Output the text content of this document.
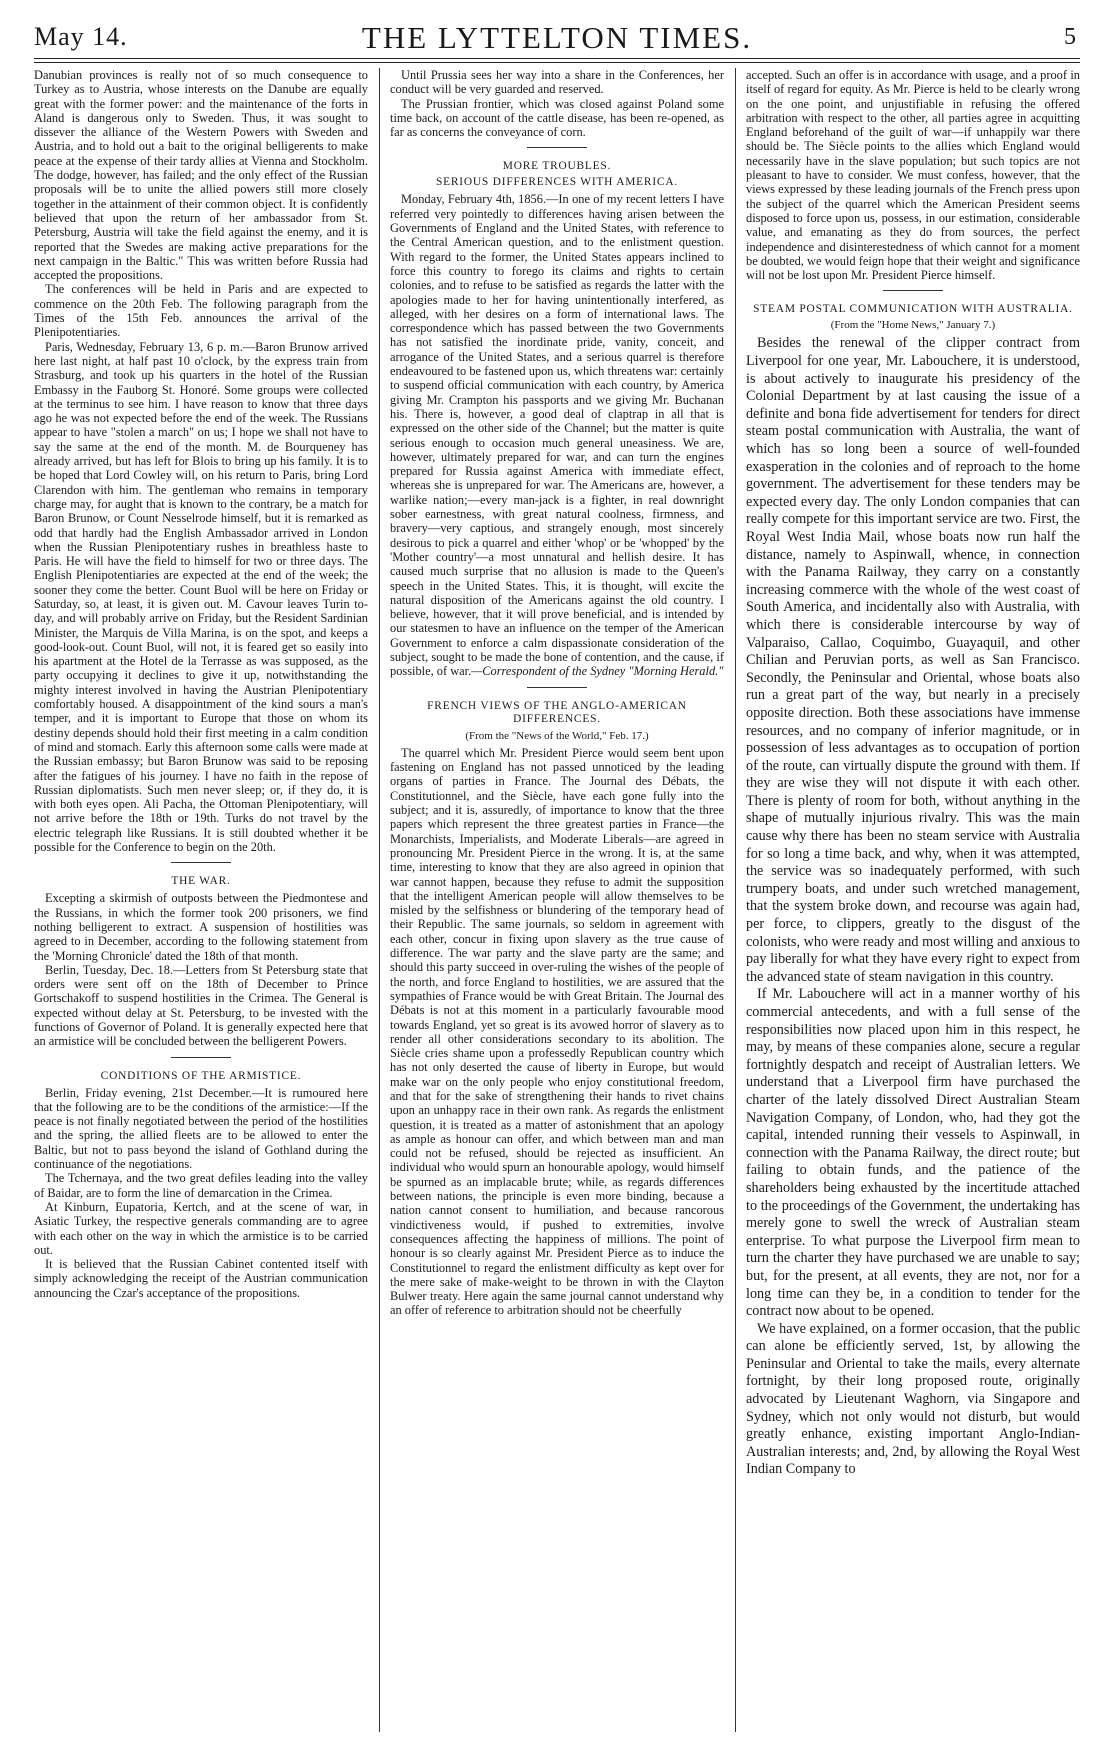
May 14.	THE LYTTELTON TIMES.	5

Danubian provinces is really not of so much consequence to Turkey as to Austria, whose interests on the Danube are equally great with the former power: and the maintenance of the forts in Aland is dangerous only to Sweden. Thus, it was sought to dissever the alliance of the Western Powers with Sweden and Austria, and to hold out a bait to the original belligerents to make peace at the expense of their tardy allies at Vienna and Stockholm. The dodge, however, has failed; and the only effect of the Russian proposals will be to unite the allied powers still more closely together in the attainment of their common object. It is confidently believed that upon the return of her ambassador from St. Petersburg, Austria will take the field against the enemy, and it is reported that the Swedes are making active preparations for the next campaign in the Baltic." This was written before Russia had accepted the propositions.

The conferences will be held in Paris and are expected to commence on the 20th Feb. The following paragraph from the Times of the 15th Feb. announces the arrival of the Plenipotentiaries.

Paris, Wednesday, February 13, 6 p. m.—Baron Brunow arrived here last night, at half past 10 o'clock, by the express train from Strasburg, and took up his quarters in the hotel of the Russian Embassy in the Fauborg St. Honoré. Some groups were collected at the terminus to see him. I have reason to know that three days ago he was not expected before the end of the week. The Russians appear to have "stolen a march" on us; I hope we shall not have to say the same at the end of the month. M. de Bourqueney has already arrived, but has left for Blois to bring up his family. It is to be hoped that Lord Cowley will, on his return to Paris, bring Lord Clarendon with him. The gentleman who remains in temporary charge may, for aught that is known to the contrary, be a match for Baron Brunow, or Count Nesselrode himself, but it is remarked as odd that hardly had the English Ambassador arrived in London when the Russian Plenipotentiary rushes in breathless haste to Paris. He will have the field to himself for two or three days. The English Plenipotentiaries are expected at the end of the week; the sooner they come the better. Count Buol will be here on Friday or Saturday, so, at least, it is given out. M. Cavour leaves Turin to-day, and will probably arrive on Friday, but the Resident Sardinian Minister, the Marquis de Villa Marina, is on the spot, and keeps a good-look-out. Count Buol, will not, it is feared get so easily into his apartment at the Hotel de la Terrasse as was supposed, as the party occupying it declines to give it up, notwithstanding the mighty interest involved in having the Austrian Plenipotentiary comfortably housed. A disappointment of the kind sours a man's temper, and it is important to Europe that those on whom its destiny depends should hold their first meeting in a calm condition of mind and stomach. Early this afternoon some calls were made at the Russian embassy; but Baron Brunow was said to be reposing after the fatigues of his journey. I have no faith in the repose of Russian diplomatists. Such men never sleep; or, if they do, it is with both eyes open. Ali Pacha, the Ottoman Plenipotentiary, will not arrive before the 18th or 19th. Turks do not travel by the electric telegraph like Russians. It is still doubted whether it be possible for the Conference to begin on the 20th.

THE WAR.

Excepting a skirmish of outposts between the Piedmontese and the Russians, in which the former took 200 prisoners, we find nothing belligerent to extract. A suspension of hostilities was agreed to in December, according to the following statement from the 'Morning Chronicle' dated the 18th of that month.

Berlin, Tuesday, Dec. 18.—Letters from St Petersburg state that orders were sent off on the 18th of December to Prince Gortschakoff to suspend hostilities in the Crimea. The General is expected without delay at St. Petersburg, to be invested with the functions of Governor of Poland. It is generally expected here that an armistice will be concluded between the belligerent Powers.

CONDITIONS OF THE ARMISTICE.

Berlin, Friday evening, 21st December.—It is rumoured here that the following are to be the conditions of the armistice:—If the peace is not finally negotiated between the period of the hostilities and the spring, the allied fleets are to be allowed to enter the Baltic, but not to pass beyond the island of Gothland during the continuance of the negotiations.

The Tchernaya, and the two great defiles leading into the valley of Baidar, are to form the line of demarcation in the Crimea.

At Kinburn, Eupatoria, Kertch, and at the scene of war, in Asiatic Turkey, the respective generals commanding are to agree with each other on the way in which the armistice is to be carried out.

It is believed that the Russian Cabinet contented itself with simply acknowledging the receipt of the Austrian communication announcing the Czar's acceptance of the propositions.

Until Prussia sees her way into a share in the Conferences, her conduct will be very guarded and reserved.

The Prussian frontier, which was closed against Poland some time back, on account of the cattle disease, has been re-opened, as far as concerns the conveyance of corn.

MORE TROUBLES.
SERIOUS DIFFERENCES WITH AMERICA.

Monday, February 4th, 1856.—In one of my recent letters I have referred very pointedly to differences having arisen between the Governments of England and the United States, with reference to the Central American question, and to the enlistment question. With regard to the former, the United States appears inclined to force this country to forego its claims and rights to certain colonies, and to refuse to be satisfied as regards the latter with the apologies made to her for having unintentionally interfered, as alleged, with her desires on a form of international laws. The correspondence which has passed between the two Governments has not satisfied the inordinate pride, vanity, conceit, and arrogance of the United States, and a serious quarrel is therefore endeavoured to be fastened upon us, which threatens war: certainly to suspend official communication with each country, by America giving Mr. Crampton his passports and we giving Mr. Buchanan his. There is, however, a good deal of claptrap in all that is expressed on the other side of the Channel; but the matter is quite serious enough to occasion much general uneasiness. We are, however, ultimately prepared for war, and can turn the engines prepared for Russia against America with immediate effect, whereas she is unprepared for war. The Americans are, however, a warlike nation;—every man-jack is a fighter, in real downright sober earnestness, with great natural coolness, firmness, and bravery—very captious, and strangely enough, most sincerely desirous to pick a quarrel and either 'whop' or be 'whopped' by the 'Mother country'—a most unnatural and hellish desire. It has caused much surprise that no allusion is made to the Queen's speech in the United States. This, it is thought, will excite the natural disposition of the Americans against the old country. I believe, however, that it will prove beneficial, and is intended by our statesmen to have an influence on the temper of the American Government to enforce a calm dispassionate consideration of the subject, sought to be made the bone of contention, and the cause, if possible, of war.—Correspondent of the Sydney "Morning Herald."

FRENCH VIEWS OF THE ANGLO-AMERICAN DIFFERENCES.

(From the "News of the World," Feb. 17.)

The quarrel which Mr. President Pierce would seem bent upon fastening on England has not passed unnoticed by the leading organs of parties in France. The Journal des Débats, the Constitutionnel, and the Siècle, have each gone fully into the subject; and it is, assuredly, of importance to know that the three papers which represent the three greatest parties in France—the Monarchists, Imperialists, and Moderate Liberals—are agreed in pronouncing Mr. President Pierce in the wrong. It is, at the same time, interesting to know that they are also agreed in opinion that war cannot happen, because they refuse to admit the supposition that the intelligent American people will allow themselves to be misled by the selfishness or blundering of the temporary head of their Republic. The same journals, so seldom in agreement with each other, concur in fixing upon slavery as the true cause of difference. The war party and the slave party are the same; and should this party succeed in over-ruling the wishes of the people of the north, and force England to hostilities, we are assured that the sympathies of France would be with Great Britain. The Journal des Débats is not at this moment in a particularly favourable mood towards England, yet so great is its avowed horror of slavery as to render all other considerations secondary to its abolition. The Siècle cries shame upon a professedly Republican country which has not only deserted the cause of liberty in Europe, but would make war on the only people who enjoy constitutional freedom, and that for the sake of strengthening their hands to rivet chains upon an unhappy race in their own rank. As regards the enlistment question, it is treated as a matter of astonishment that an apology as ample as honour can offer, and which between man and man could not be refused, should be rejected as insufficient. An individual who would spurn an honourable apology, would himself be spurned as an implacable brute; while, as regards differences between nations, the principle is even more binding, because a nation cannot consent to humiliation, and because rancorous vindictiveness would, if pushed to extremities, involve consequences affecting the happiness of millions. The point of honour is so clearly against Mr. President Pierce as to induce the Constitutionnel to regard the enlistment difficulty as kept over for the mere sake of make-weight to be thrown in with the Clayton Bulwer treaty. Here again the same journal cannot understand why an offer of reference to arbitration should not be cheerfully

accepted. Such an offer is in accordance with usage, and a proof in itself of regard for equity. As Mr. Pierce is held to be clearly wrong on the one point, and unjustifiable in refusing the offered arbitration with respect to the other, all parties agree in acquitting England beforehand of the guilt of war—if unhappily war there should be. The Siècle points to the allies which England would necessarily have in the slave population; but such topics are not pleasant to have to consider. We must confess, however, that the views expressed by these leading journals of the French press upon the subject of the quarrel which the American President seems disposed to force upon us, possess, in our estimation, considerable value, and emanating as they do from sources, the perfect independence and disinterestedness of which cannot for a moment be doubted, we would feign hope that their weight and significance will not be lost upon Mr. President Pierce himself.

STEAM POSTAL COMMUNICATION WITH AUSTRALIA.

(From the "Home News," January 7.)

Besides the renewal of the clipper contract from Liverpool for one year, Mr. Labouchere, it is understood, is about actively to inaugurate his presidency of the Colonial Department by at last causing the issue of a definite and bona fide advertisement for tenders for direct steam postal communication with Australia, the want of which has so long been a source of well-founded exasperation in the colonies and of reproach to the home government. The advertisement for these tenders may be expected every day. The only London companies that can really compete for this important service are two. First, the Royal West India Mail, whose boats now run half the distance, namely to Aspinwall, whence, in connection with the Panama Railway, they carry on a constantly increasing commerce with the whole of the west coast of South America, and incidentally also with Australia, with which there is considerable intercourse by way of Valparaiso, Callao, Coquimbo, Guayaquil, and other Chilian and Peruvian ports, as well as San Francisco. Secondly, the Peninsular and Oriental, whose boats also run a great part of the way, but nearly in a precisely opposite direction. Both these associations have immense resources, and no company of inferior magnitude, or in possession of less advantages as to occupation of portion of the route, can virtually dispute the ground with them. If they are wise they will not dispute it with each other. There is plenty of room for both, without anything in the shape of mutually injurious rivalry. This was the main cause why there has been no steam service with Australia for so long a time back, and why, when it was attempted, the service was so inadequately performed, with such trumpery boats, and under such wretched management, that the system broke down, and recourse was again had, per force, to clippers, greatly to the disgust of the colonists, who were ready and most willing and anxious to pay liberally for what they have every right to expect from the advanced state of steam navigation in this country.

If Mr. Labouchere will act in a manner worthy of his commercial antecedents, and with a full sense of the responsibilities now placed upon him in this respect, he may, by means of these companies alone, secure a regular fortnightly despatch and receipt of Australian letters. We understand that a Liverpool firm have purchased the charter of the lately dissolved Direct Australian Steam Navigation Company, of London, who, had they got the capital, intended running their vessels to Aspinwall, in connection with the Panama Railway, the direct route; but failing to obtain funds, and the patience of the shareholders being exhausted by the incertitude attached to the proceedings of the Government, the undertaking has merely gone to swell the wreck of Australian steam enterprise. To what purpose the Liverpool firm mean to turn the charter they have purchased we are unable to say; but, for the present, at all events, they are not, nor for a long time can they be, in a condition to tender for the contract now about to be opened.

We have explained, on a former occasion, that the public can alone be efficiently served, 1st, by allowing the Peninsular and Oriental to take the mails, every alternate fortnight, by their long proposed route, originally advocated by Lieutenant Waghorn, via Singapore and Sydney, which not only would not disturb, but would greatly enhance, existing important Anglo-Indian-Australian interests; and, 2nd, by allowing the Royal West Indian Company to
